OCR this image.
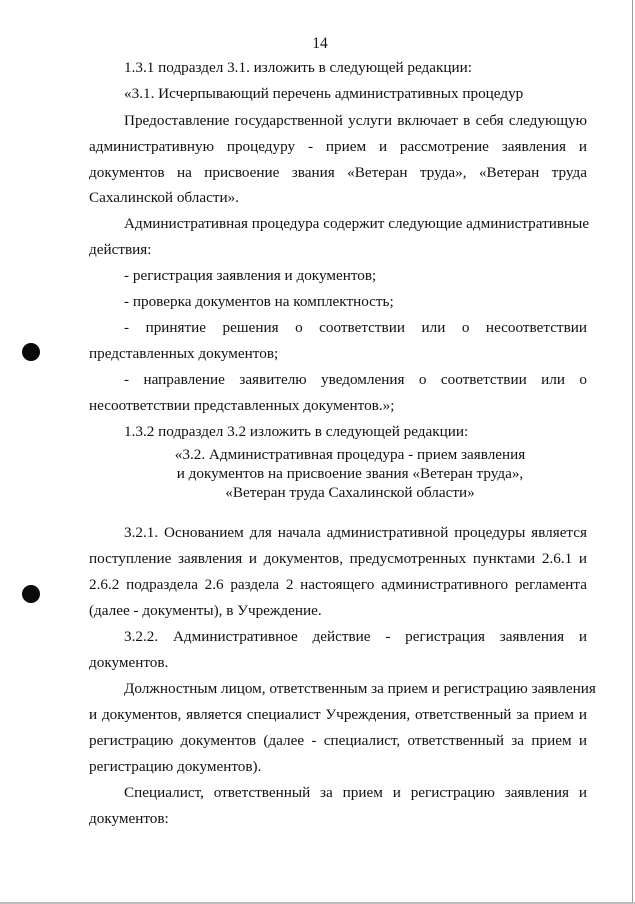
14
1.3.1 подраздел 3.1. изложить в следующей редакции:
«3.1. Исчерпывающий перечень административных процедур
Предоставление государственной услуги включает в себя следующую
административную процедуру - прием и рассмотрение заявления и
документов на присвоение звания «Ветеран труда», «Ветеран труда
Сахалинской области».
Административная процедура содержит следующие административные
действия:
- регистрация заявления и документов;
- проверка документов на комплектность;
- принятие решения о соответствии или о несоответствии
представленных документов;
- направление заявителю уведомления о соответствии или о
несоответствии представленных документов.»;
1.3.2 подраздел 3.2 изложить в следующей редакции:
«3.2. Административная процедура - прием заявления
и документов на присвоение звания «Ветеран труда»,
«Ветеран труда Сахалинской области»
3.2.1. Основанием для начала административной процедуры является
поступление заявления и документов, предусмотренных пунктами 2.6.1 и
2.6.2 подраздела 2.6 раздела 2 настоящего административного регламента
(далее - документы), в Учреждение.
3.2.2. Административное действие - регистрация заявления и
документов.
Должностным лицом, ответственным за прием и регистрацию заявления
и документов, является специалист Учреждения, ответственный за прием и
регистрацию документов (далее - специалист, ответственный за прием и
регистрацию документов).
Специалист, ответственный за прием и регистрацию заявления и
документов:
